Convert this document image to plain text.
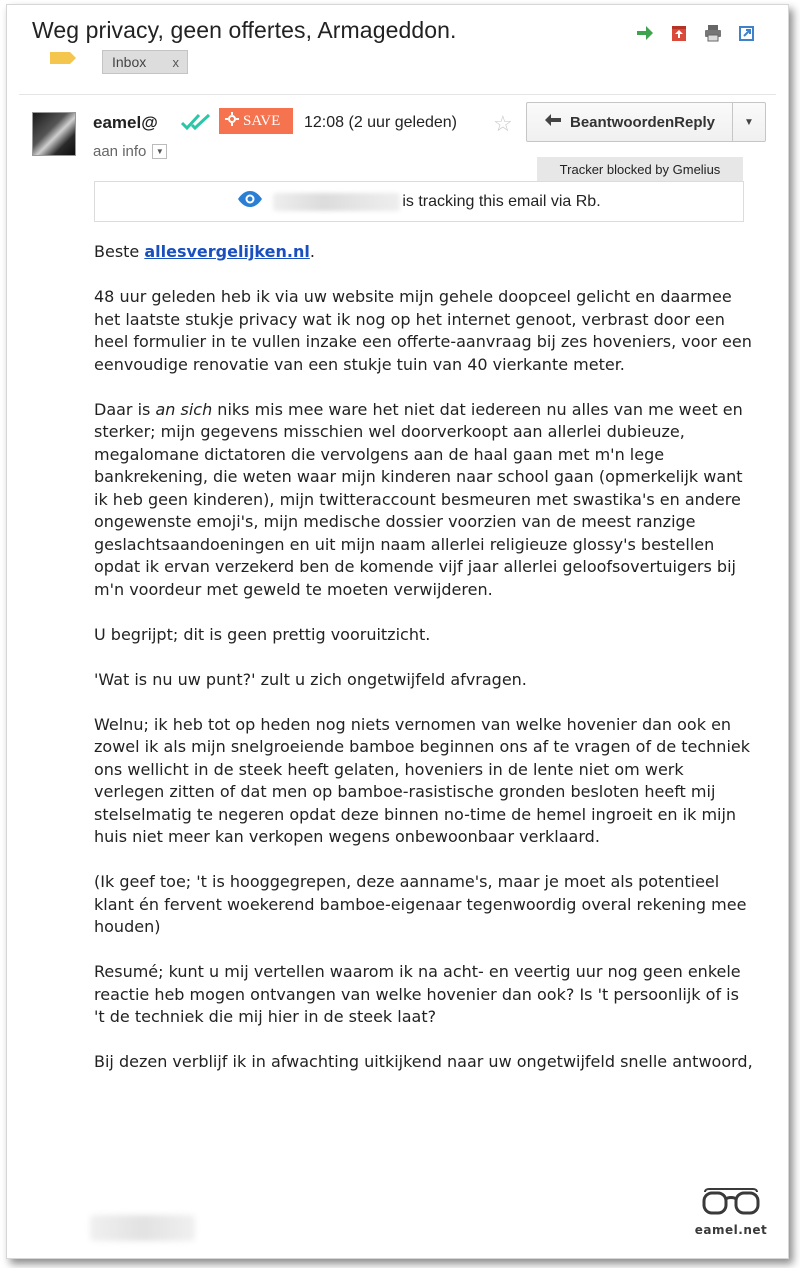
Weg privacy, geen offertes, Armageddon.
Inbox x
eamel@	SAVE 12:08 (2 uur geleden) ☆	BeantwoordenReply	▼
aan info	▼
Tracker blocked by Gmelius
is tracking this email via Rb.

Beste allesvergelijken.nl.

48 uur geleden heb ik via uw website mijn gehele doopceel gelicht en daarmee het laatste stukje privacy wat ik nog op het internet genoot, verbrast door een heel formulier in te vullen inzake een offerte-aanvraag bij zes hoveniers, voor een eenvoudige renovatie van een stukje tuin van 40 vierkante meter.

Daar is an sich niks mis mee ware het niet dat iedereen nu alles van me weet en sterker; mijn gegevens misschien wel doorverkoopt aan allerlei dubieuze, megalomane dictatoren die vervolgens aan de haal gaan met m'n lege bankrekening, die weten waar mijn kinderen naar school gaan (opmerkelijk want ik heb geen kinderen), mijn twitteraccount besmeuren met swastika's en andere ongewenste emoji's, mijn medische dossier voorzien van de meest ranzige geslachtsaandoeningen en uit mijn naam allerlei religieuze glossy's bestellen opdat ik ervan verzekerd ben de komende vijf jaar allerlei geloofsovertuigers bij m'n voordeur met geweld te moeten verwijderen.

U begrijpt; dit is geen prettig vooruitzicht.

'Wat is nu uw punt?' zult u zich ongetwijfeld afvragen.

Welnu; ik heb tot op heden nog niets vernomen van welke hovenier dan ook en zowel ik als mijn snelgroeiende bamboe beginnen ons af te vragen of de techniek ons wellicht in de steek heeft gelaten, hoveniers in de lente niet om werk verlegen zitten of dat men op bamboe-rasistische gronden besloten heeft mij stelselmatig te negeren opdat deze binnen no-time de hemel ingroeit en ik mijn huis niet meer kan verkopen wegens onbewoonbaar verklaard.

(Ik geef toe; 't is hooggegrepen, deze aanname's, maar je moet als potentieel klant én fervent woekerend bamboe-eigenaar tegenwoordig overal rekening mee houden)

Resumé; kunt u mij vertellen waarom ik na acht- en veertig uur nog geen enkele reactie heb mogen ontvangen van welke hovenier dan ook? Is 't persoonlijk of is 't de techniek die mij hier in de steek laat?

Bij dezen verblijf ik in afwachting uitkijkend naar uw ongetwijfeld snelle antwoord,

eamel.net
